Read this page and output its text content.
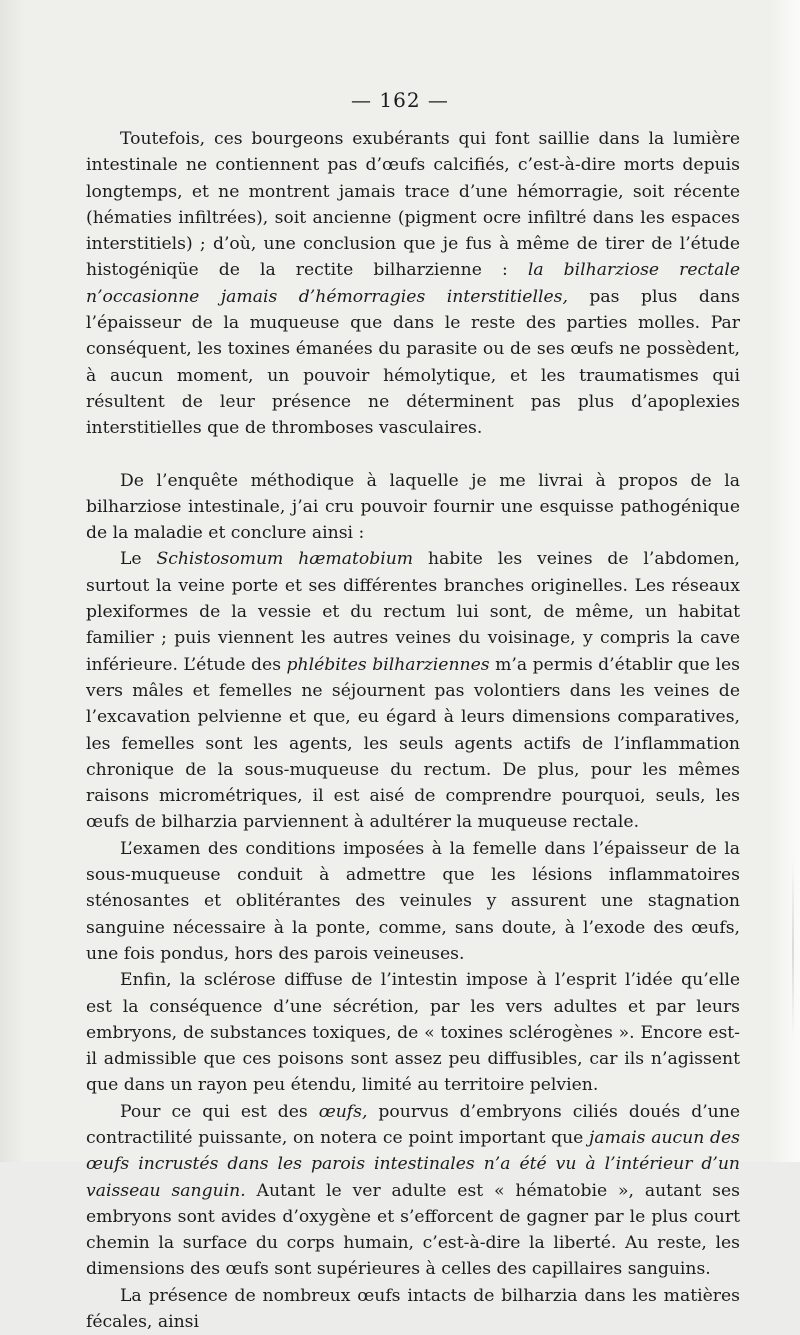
— 162 —

Toutefois, ces bourgeons exubérants qui font saillie dans la lumière intestinale ne contiennent pas d’œufs calcifiés, c’est-à-dire morts depuis longtemps, et ne montrent jamais trace d’une hémorragie, soit récente (hématies infiltrées), soit ancienne (pigment ocre infiltré dans les espaces interstitiels) ; d’où, une conclusion que je fus à même de tirer de l’étude histogéniqüe de la rectite bilharzienne : la bilharziose rectale n’occasionne jamais d’hémorragies interstitielles, pas plus dans l’épaisseur de la muqueuse que dans le reste des parties molles. Par conséquent, les toxines émanées du parasite ou de ses œufs ne possèdent, à aucun moment, un pouvoir hémolytique, et les traumatismes qui résultent de leur présence ne déterminent pas plus d’apoplexies interstitielles que de thromboses vasculaires.

De l’enquête méthodique à laquelle je me livrai à propos de la bilharziose intestinale, j’ai cru pouvoir fournir une esquisse pathogénique de la maladie et conclure ainsi :

Le Schistosomum hæmatobium habite les veines de l’abdomen, surtout la veine porte et ses différentes branches originelles. Les réseaux plexiformes de la vessie et du rectum lui sont, de même, un habitat familier ; puis viennent les autres veines du voisinage, y compris la cave inférieure. L’étude des phlébites bilharziennes m’a permis d’établir que les vers mâles et femelles ne séjournent pas volontiers dans les veines de l’excavation pelvienne et que, eu égard à leurs dimensions comparatives, les femelles sont les agents, les seuls agents actifs de l’inflammation chronique de la sous-muqueuse du rectum. De plus, pour les mêmes raisons micrométriques, il est aisé de comprendre pourquoi, seuls, les œufs de bilharzia parviennent à adultérer la muqueuse rectale.

L’examen des conditions imposées à la femelle dans l’épaisseur de la sous-muqueuse conduit à admettre que les lésions inflammatoires sténosantes et oblitérantes des veinules y assurent une stagnation sanguine nécessaire à la ponte, comme, sans doute, à l’exode des œufs, une fois pondus, hors des parois veineuses.

Enfin, la sclérose diffuse de l’intestin impose à l’esprit l’idée qu’elle est la conséquence d’une sécrétion, par les vers adultes et par leurs embryons, de substances toxiques, de « toxines sclérogènes ». Encore est-il admissible que ces poisons sont assez peu diffusibles, car ils n’agissent que dans un rayon peu étendu, limité au territoire pelvien.

Pour ce qui est des œufs, pourvus d’embryons ciliés doués d’une contractilité puissante, on notera ce point important que jamais aucun des œufs incrustés dans les parois intestinales n’a été vu à l’intérieur d’un vaisseau sanguin. Autant le ver adulte est « hématobie », autant ses embryons sont avides d’oxygène et s’efforcent de gagner par le plus court chemin la surface du corps humain, c’est-à-dire la liberté. Au reste, les dimensions des œufs sont supérieures à celles des capillaires sanguins.

La présence de nombreux œufs intacts de bilharzia dans les matières fécales, ainsi
